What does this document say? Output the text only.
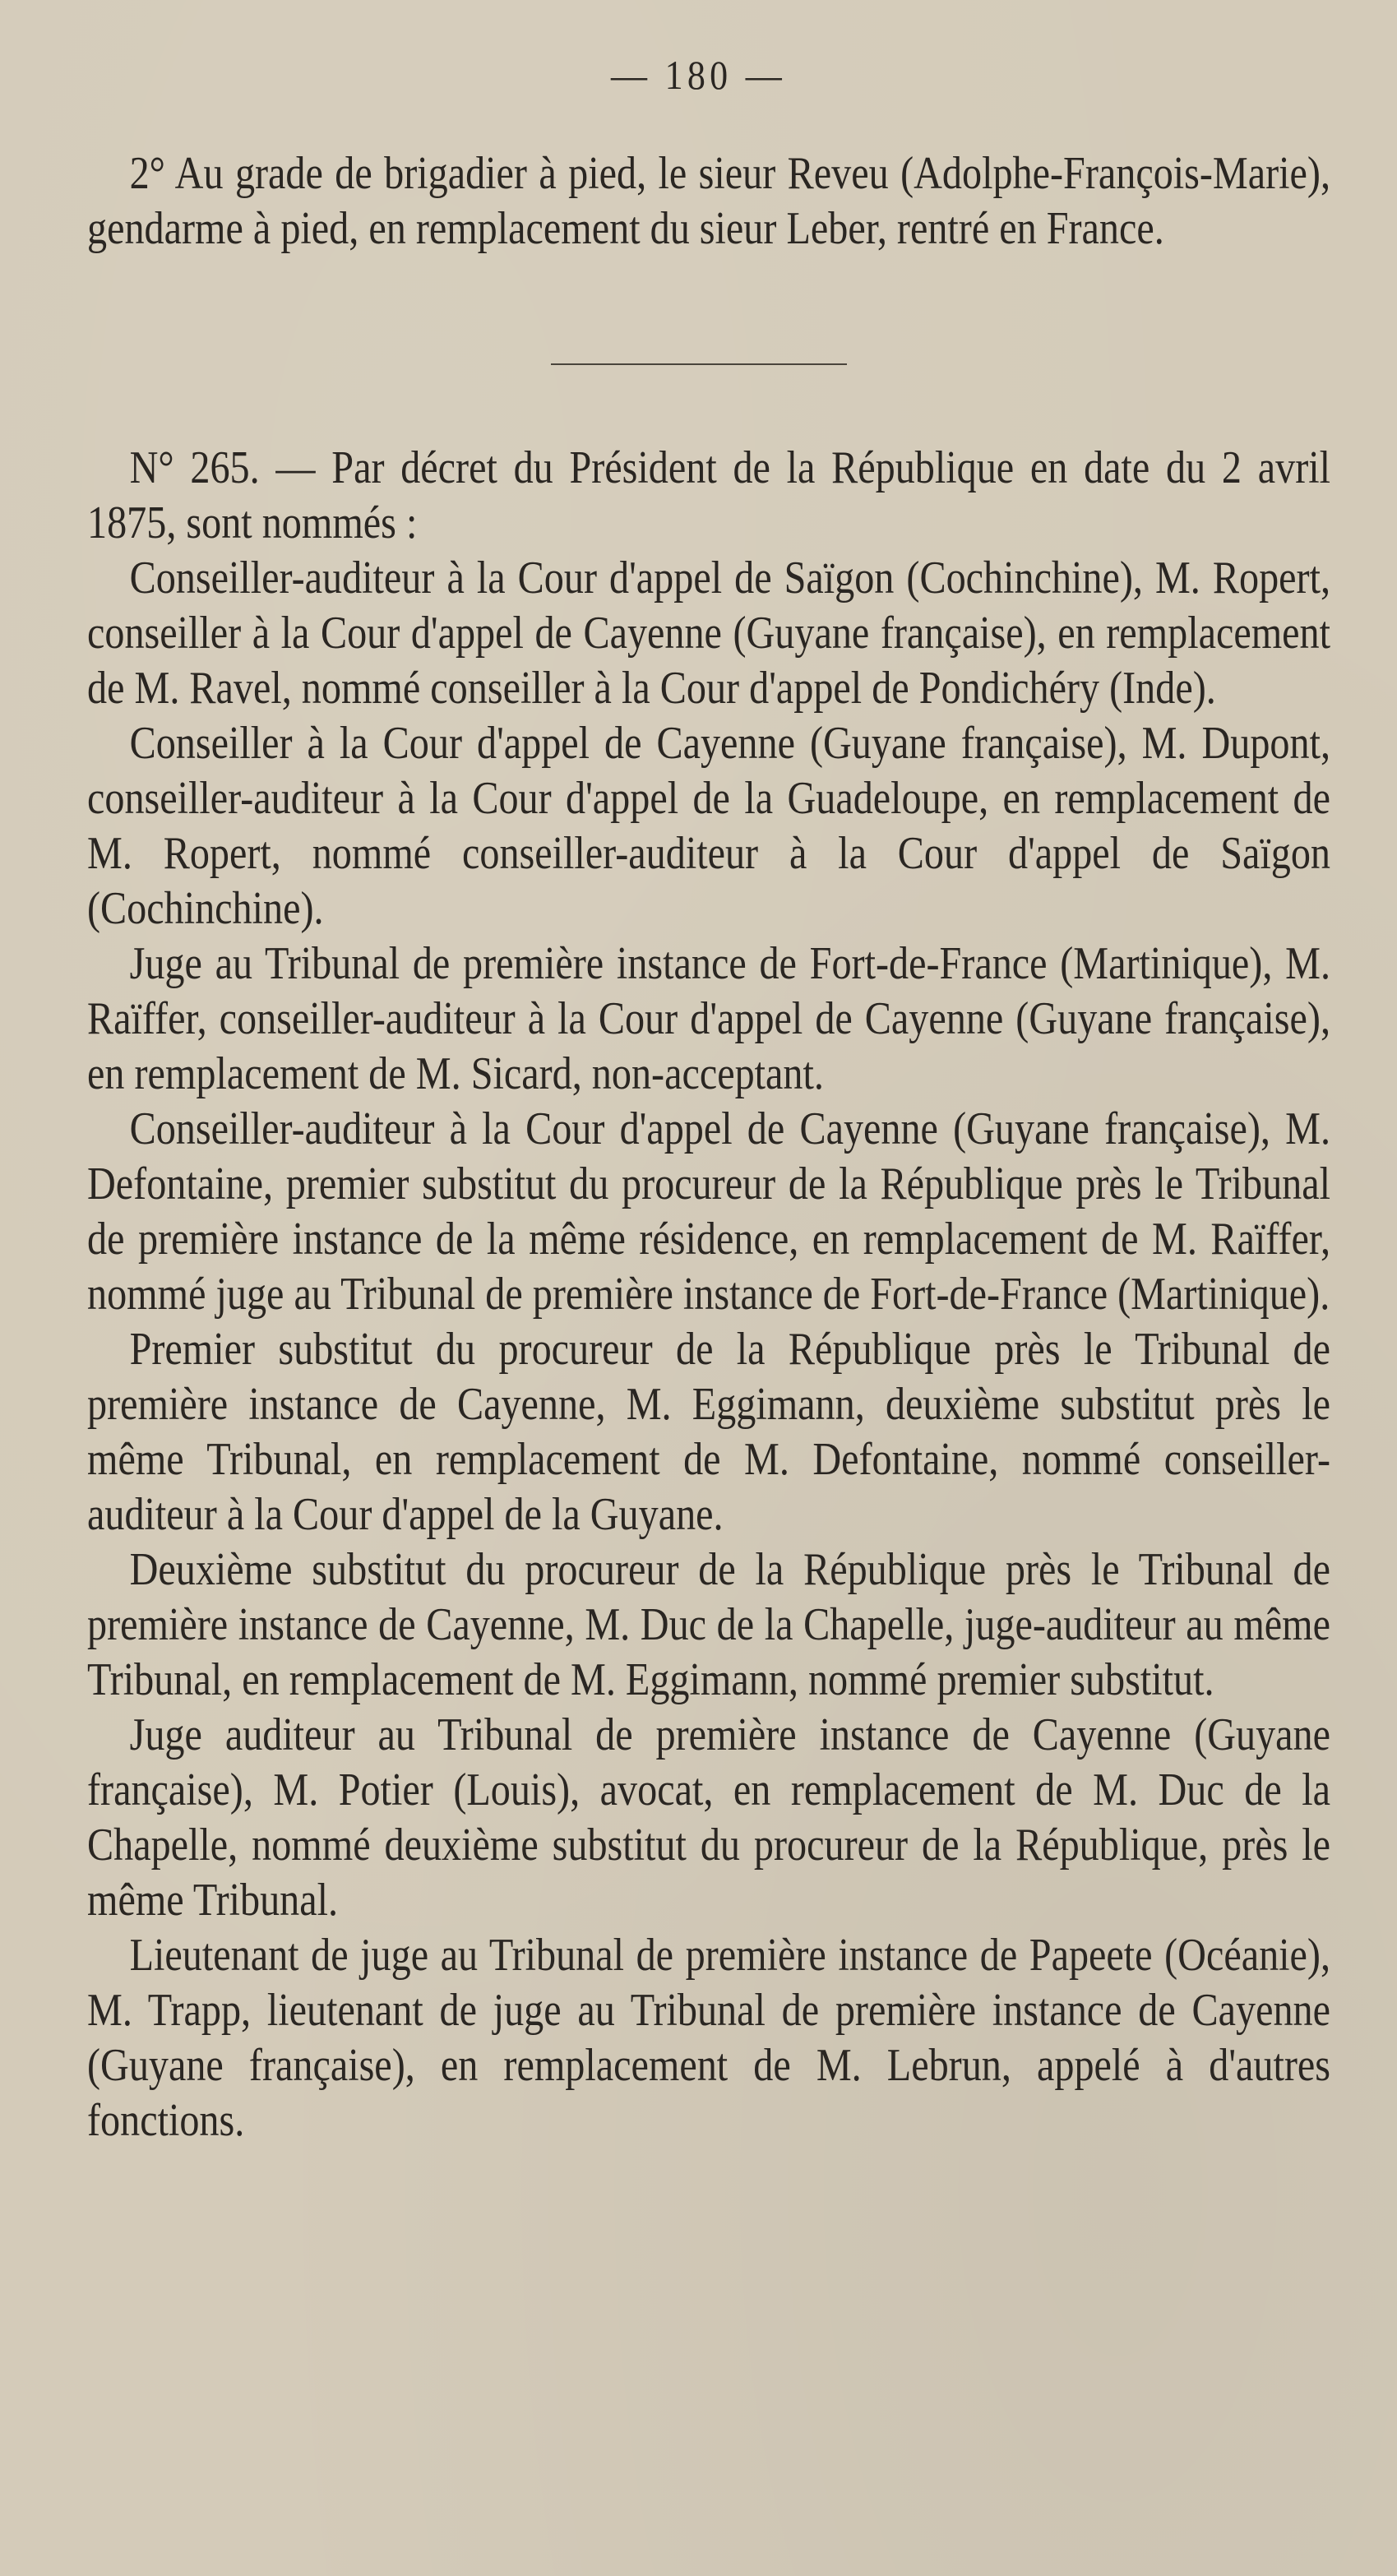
— 180 —

2° Au grade de brigadier à pied, le sieur Reveu (Adolphe-François-Marie), gendarme à pied, en remplacement du sieur Leber, rentré en France.

N° 265. — Par décret du Président de la République en date du 2 avril 1875, sont nommés :

Conseiller-auditeur à la Cour d'appel de Saïgon (Cochinchine), M. Ropert, conseiller à la Cour d'appel de Cayenne (Guyane française), en remplacement de M. Ravel, nommé conseiller à la Cour d'appel de Pondichéry (Inde).

Conseiller à la Cour d'appel de Cayenne (Guyane française), M. Dupont, conseiller-auditeur à la Cour d'appel de la Guadeloupe, en remplacement de M. Ropert, nommé conseiller-auditeur à la Cour d'appel de Saïgon (Cochinchine).

Juge au Tribunal de première instance de Fort-de-France (Martinique), M. Raïffer, conseiller-auditeur à la Cour d'appel de Cayenne (Guyane française), en remplacement de M. Sicard, non-acceptant.

Conseiller-auditeur à la Cour d'appel de Cayenne (Guyane française), M. Defontaine, premier substitut du procureur de la République près le Tribunal de première instance de la même résidence, en remplacement de M. Raïffer, nommé juge au Tribunal de première instance de Fort-de-France (Martinique).

Premier substitut du procureur de la République près le Tribunal de première instance de Cayenne, M. Eggimann, deuxième substitut près le même Tribunal, en remplacement de M. Defontaine, nommé conseiller-auditeur à la Cour d'appel de la Guyane.

Deuxième substitut du procureur de la République près le Tribunal de première instance de Cayenne, M. Duc de la Chapelle, juge-auditeur au même Tribunal, en remplacement de M. Eggimann, nommé premier substitut.

Juge auditeur au Tribunal de première instance de Cayenne (Guyane française), M. Potier (Louis), avocat, en remplacement de M. Duc de la Chapelle, nommé deuxième substitut du procureur de la République, près le même Tribunal.

Lieutenant de juge au Tribunal de première instance de Papeete (Océanie), M. Trapp, lieutenant de juge au Tribunal de première instance de Cayenne (Guyane française), en remplacement de M. Lebrun, appelé à d'autres fonctions.
